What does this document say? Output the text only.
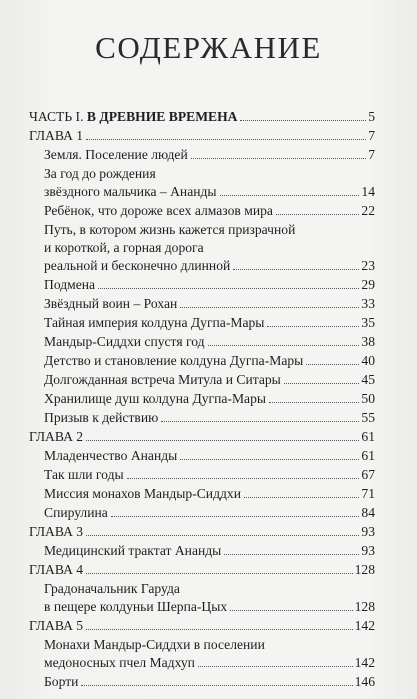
СОДЕРЖАНИЕ
ЧАСТЬ I. В ДРЕВНИЕ ВРЕМЕНА	5
ГЛАВА 1	7
Земля. Поселение людей	7
За год до рождения
звёздного мальчика – Ананды	14
Ребёнок, что дороже всех алмазов мира	22
Путь, в котором жизнь кажется призрачной
и короткой, а горная дорога
реальной и бесконечно длинной	23
Подмена	29
Звёздный воин – Рохан	33
Тайная империя колдуна Дугпа-Мары	35
Мандыр-Сиддхи спустя год	38
Детство и становление колдуна Дугпа-Мары	40
Долгожданная встреча Митула и Ситары	45
Хранилище душ колдуна Дугпа-Мары	50
Призыв к действию	55
ГЛАВА 2	61
Младенчество Ананды	61
Так шли годы	67
Миссия монахов Мандыр-Сиддхи	71
Спирулина	84
ГЛАВА 3	93
Медицинский трактат Ананды	93
ГЛАВА 4	128
Градоначальник Гаруда
в пещере колдуньи Шерпа-Цых	128
ГЛАВА 5	142
Монахи Мандыр-Сиддхи в поселении
медоносных пчел Мадхуп	142
Борти	146
